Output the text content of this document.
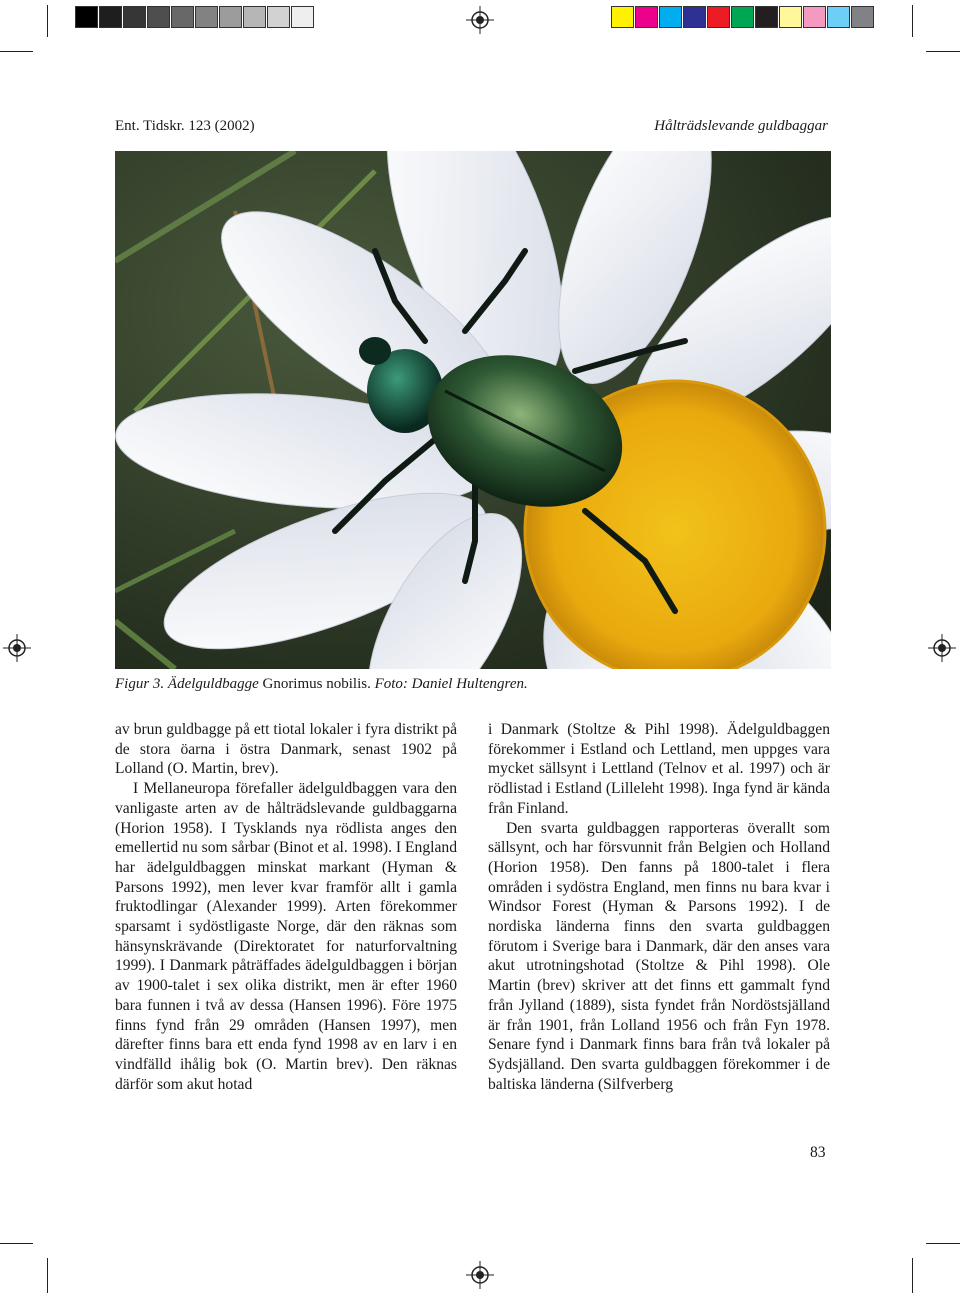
Ent. Tidskr. 123 (2002)	Hålträdslevande guldbaggar
Figur 3. Ädelguldbagge Gnorimus nobilis. Foto: Daniel Hultengren.

av brun guldbagge på ett tiotal lokaler i fyra distrikt på de stora öarna i östra Danmark, senast 1902 på Lolland (O. Martin, brev).

I Mellaneuropa förefaller ädelguldbaggen vara den vanligaste arten av de hålträdslevande guldbaggarna (Horion 1958). I Tysklands nya rödlista anges den emellertid nu som sårbar (Binot et al. 1998). I England har ädelguldbaggen minskat markant (Hyman & Parsons 1992), men lever kvar framför allt i gamla fruktodlingar (Alexander 1999). Arten förekommer sparsamt i sydöstligaste Norge, där den räknas som hänsynskrävande (Direktoratet for naturforvaltning 1999). I Danmark påträffades ädelguldbaggen i början av 1900-talet i sex olika distrikt, men är efter 1960 bara funnen i två av dessa (Hansen 1996). Före 1975 finns fynd från 29 områden (Hansen 1997), men därefter finns bara ett enda fynd 1998 av en larv i en vindfälld ihålig bok (O. Martin brev). Den räknas därför som akut hotad

i Danmark (Stoltze & Pihl 1998). Ädelguldbaggen förekommer i Estland och Lettland, men uppges vara mycket sällsynt i Lettland (Telnov et al. 1997) och är rödlistad i Estland (Lilleleht 1998). Inga fynd är kända från Finland.

Den svarta guldbaggen rapporteras överallt som sällsynt, och har försvunnit från Belgien och Holland (Horion 1958). Den fanns på 1800-talet i flera områden i sydöstra England, men finns nu bara kvar i Windsor Forest (Hyman & Parsons 1992). I de nordiska länderna finns den svarta guldbaggen förutom i Sverige bara i Danmark, där den anses vara akut utrotningshotad (Stoltze & Pihl 1998). Ole Martin (brev) skriver att det finns ett gammalt fynd från Jylland (1889), sista fyndet från Nordöstsjälland är från 1901, från Lolland 1956 och från Fyn 1978. Senare fynd i Danmark finns bara från två lokaler på Sydsjälland. Den svarta guldbaggen förekommer i de baltiska länderna (Silfverberg

83
